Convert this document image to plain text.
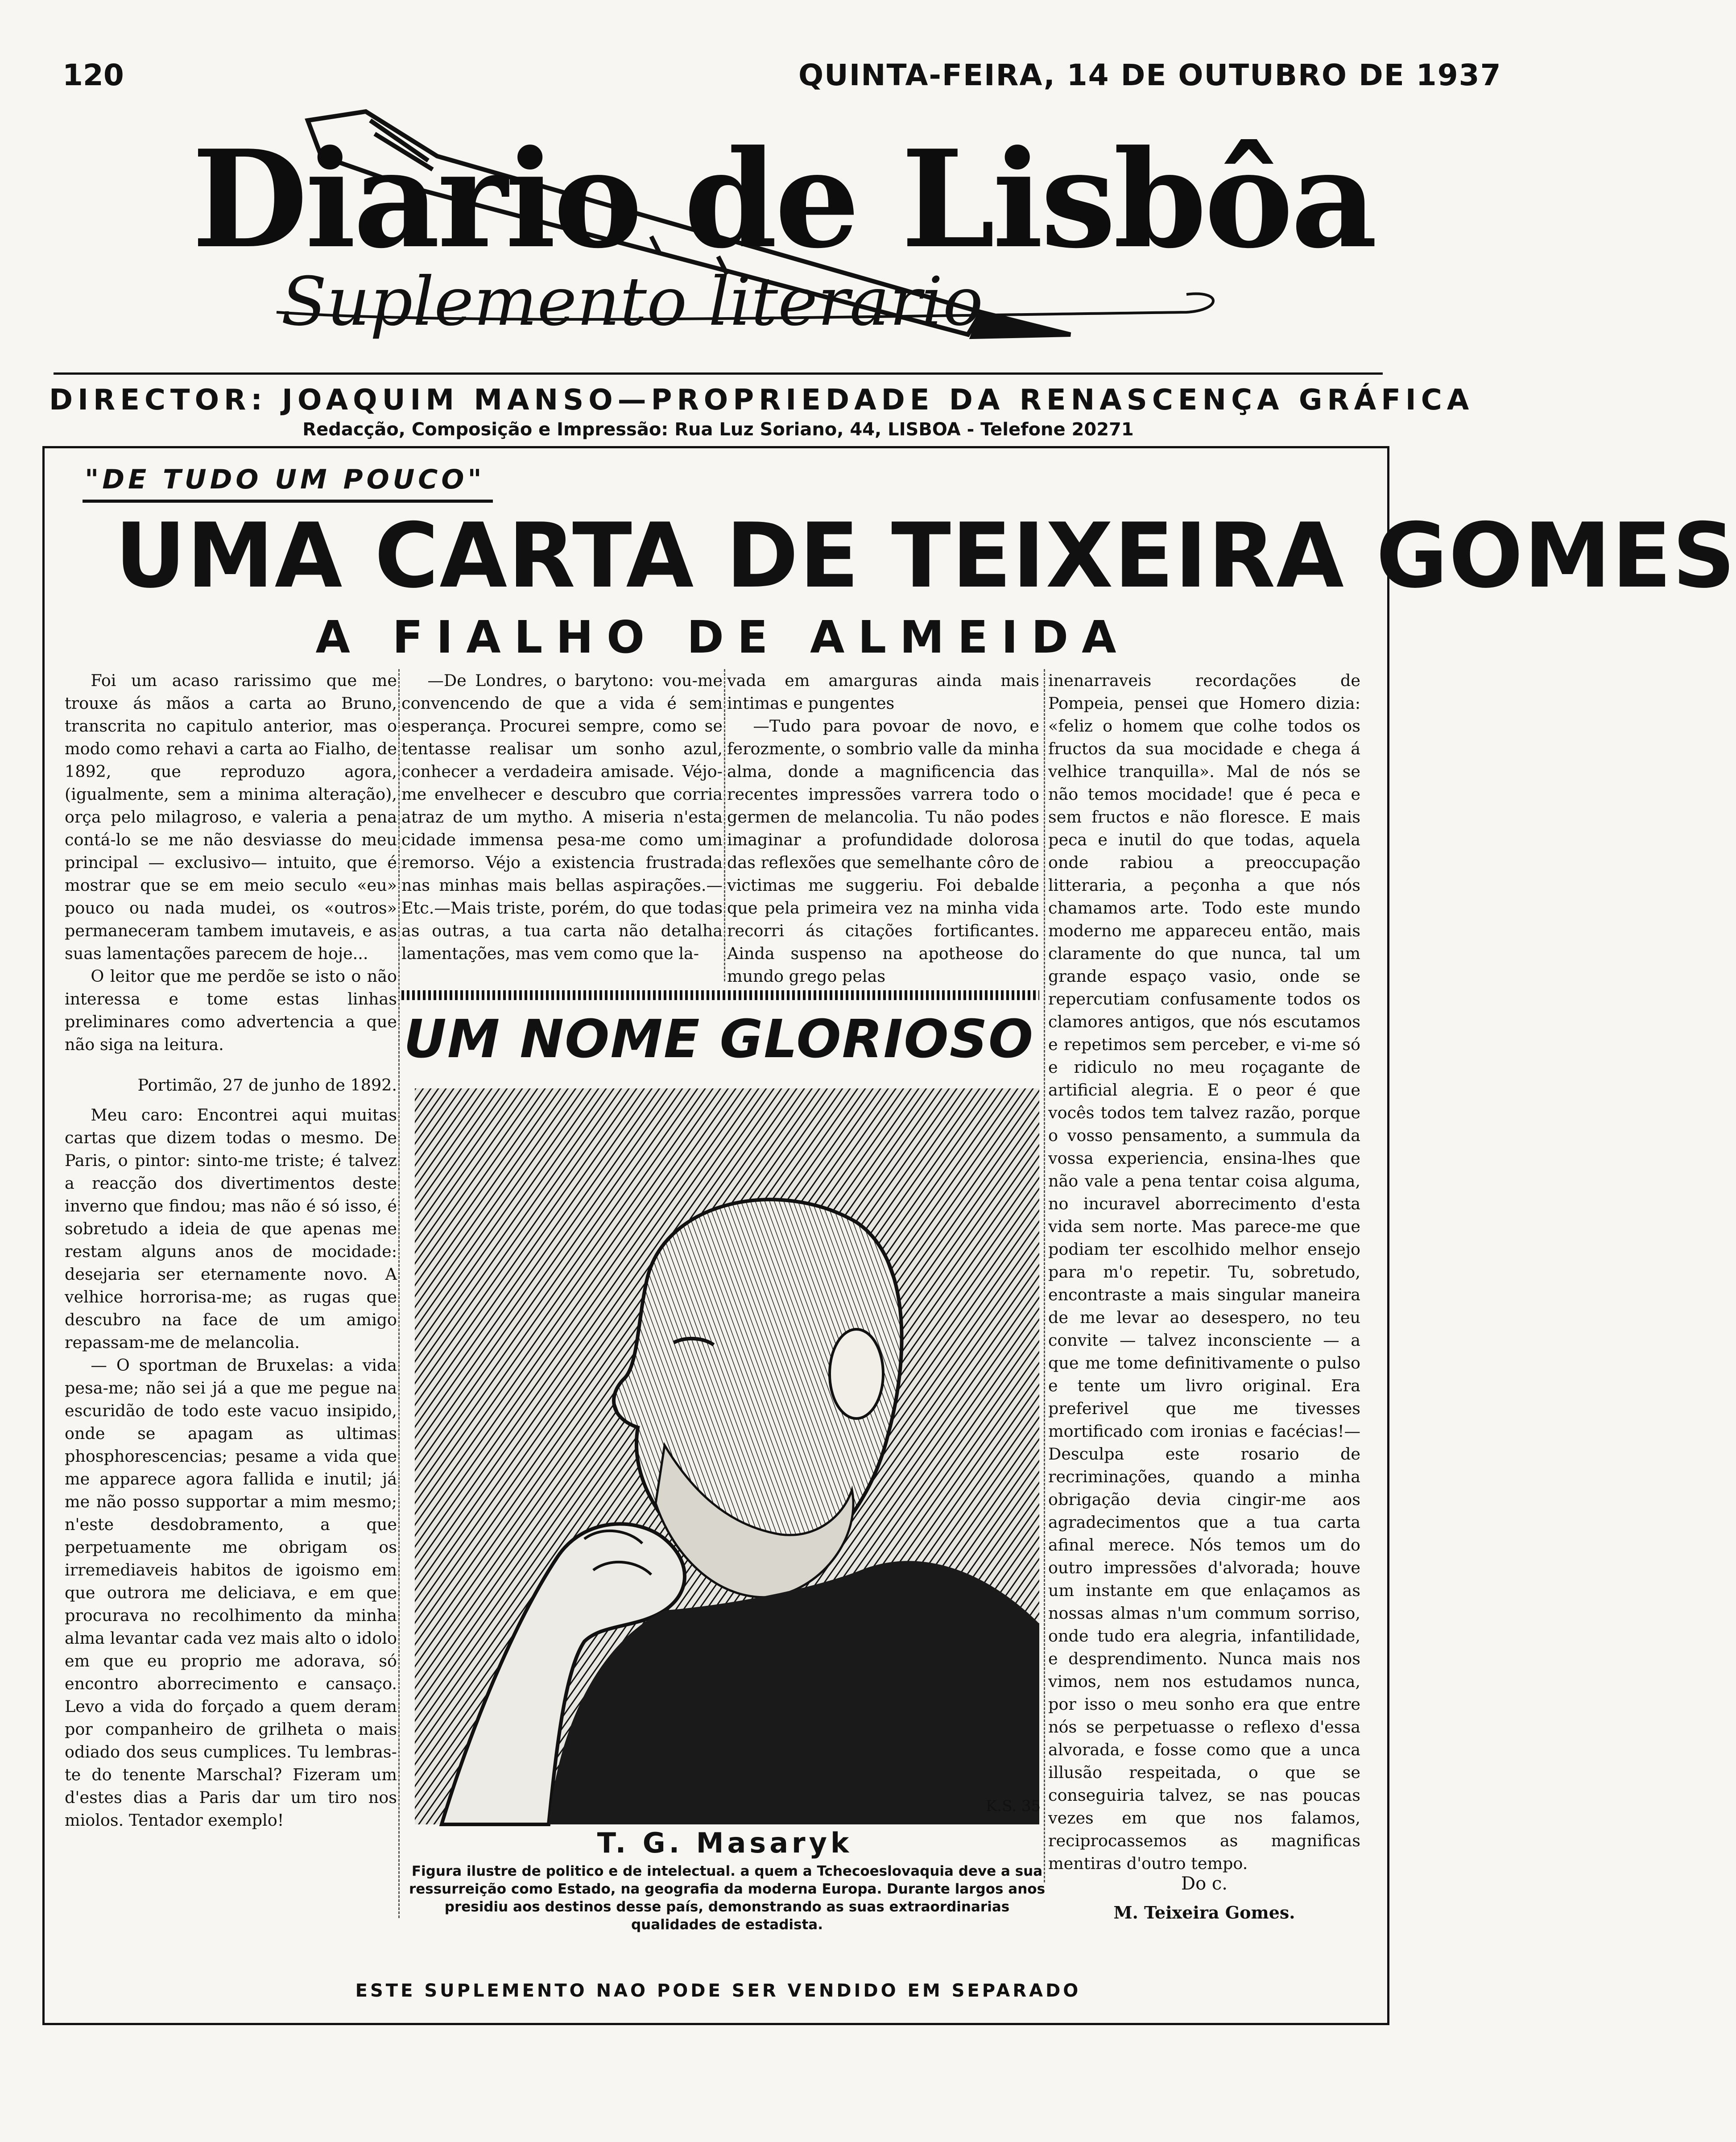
120	QUINTA-FEIRA, 14 DE OUTUBRO DE 1937
Diario de Lisbôa
Suplemento literario
DIRECTOR: JOAQUIM MANSO—PROPRIEDADE DA RENASCENÇA GRÁFICA
Redacção, Composição e Impressão: Rua Luz Soriano, 44, LISBOA - Telefone 20271
"DE TUDO UM POUCO"
UMA CARTA DE TEIXEIRA GOMES
A FIALHO DE ALMEIDA

Foi um acaso rarissimo que me trouxe ás mãos a carta ao Bruno, transcrita no capitulo anterior, mas o modo como rehavi a carta ao Fialho, de 1892, que reproduzo agora, (igualmente, sem a minima alteração), orça pelo milagroso, e valeria a pena contá-lo se me não desviasse do meu principal — exclusivo— intuito, que é mostrar que se em meio seculo «eu» pouco ou nada mudei, os «outros» permaneceram tambem imutaveis, e as suas lamentações parecem de hoje...

O leitor que me perdõe se isto o não interessa e tome estas linhas preliminares como advertencia a que não siga na leitura.

Portimão, 27 de junho de 1892.

Meu caro: Encontrei aqui muitas cartas que dizem todas o mesmo. De Paris, o pintor: sinto-me triste; é talvez a reacção dos divertimentos deste inverno que findou; mas não é só isso, é sobretudo a ideia de que apenas me restam alguns anos de mocidade: desejaria ser eternamente novo. A velhice horrorisa-me; as rugas que descubro na face de um amigo repassam-me de melancolia.

— O sportman de Bruxelas: a vida pesa-me; não sei já a que me pegue na escuridão de todo este vacuo insipido, onde se apagam as ultimas phosphorescencias; pesame a vida que me apparece agora fallida e inutil; já me não posso supportar a mim mesmo; n'este desdobramento, a que perpetuamente me obrigam os irremediaveis habitos de igoismo em que outrora me deliciava, e em que procurava no recolhimento da minha alma levantar cada vez mais alto o idolo em que eu proprio me adorava, só encontro aborrecimento e cansaço. Levo a vida do forçado a quem deram por companheiro de grilheta o mais odiado dos seus cumplices. Tu lembras-te do tenente Marschal? Fizeram um d'estes dias a Paris dar um tiro nos miolos. Tentador exemplo!

—De Londres, o barytono: vou-me convencendo de que a vida é sem esperança. Procurei sempre, como se tentasse realisar um sonho azul, conhecer a verdadeira amisade. Véjo-me envelhecer e descubro que corria atraz de um mytho. A miseria n'esta cidade immensa pesa-me como um remorso. Véjo a existencia frustrada nas minhas mais bellas aspirações.—Etc.—Mais triste, porém, do que todas as outras, a tua carta não detalha lamentações, mas vem como que la-

vada em amarguras ainda mais intimas e pungentes

—Tudo para povoar de novo, e ferozmente, o sombrio valle da minha alma, donde a magnificencia das recentes impressões varrera todo o germen de melancolia. Tu não podes imaginar a profundidade dolorosa das reflexões que semelhante côro de victimas me suggeriu. Foi debalde que pela primeira vez na minha vida recorri ás citações fortificantes. Ainda suspenso na apotheose do mundo grego pelas

inenarraveis recordações de Pompeia, pensei que Homero dizia: «feliz o homem que colhe todos os fructos da sua mocidade e chega á velhice tranquilla». Mal de nós se não temos mocidade! que é peca e sem fructos e não floresce. E mais peca e inutil do que todas, aquela onde rabiou a preoccupação litteraria, a peçonha a que nós chamamos arte. Todo este mundo moderno me appareceu então, mais claramente do que nunca, tal um grande espaço vasio, onde se repercutiam confusamente todos os clamores antigos, que nós escutamos e repetimos sem perceber, e vi-me só e ridiculo no meu roçagante de artificial alegria. E o peor é que vocês todos tem talvez razão, porque o vosso pensamento, a summula da vossa experiencia, ensina-lhes que não vale a pena tentar coisa alguma, no incuravel aborrecimento d'esta vida sem norte. Mas parece-me que podiam ter escolhido melhor ensejo para m'o repetir. Tu, sobretudo, encontraste a mais singular maneira de me levar ao desespero, no teu convite — talvez inconsciente — a que me tome definitivamente o pulso e tente um livro original. Era preferivel que me tivesses mortificado com ironias e facécias!—Desculpa este rosario de recriminações, quando a minha obrigação devia cingir-me aos agradecimentos que a tua carta afinal merece. Nós temos um do outro impressões d'alvorada; houve um instante em que enlaçamos as nossas almas n'um commum sorriso, onde tudo era alegria, infantilidade, e desprendimento. Nunca mais nos vimos, nem nos estudamos nunca, por isso o meu sonho era que entre nós se perpetuasse o reflexo d'essa alvorada, e fosse como que a unca illusão respeitada, o que se conseguiria talvez, se nas poucas vezes em que nos falamos, reciprocassemos as magnificas mentiras d'outro tempo.

UM NOME GLORIOSO
K.S. 35
T. G. Masaryk
Figura ilustre de politico e de intelectual. a quem a Tchecoeslovaquia deve a sua ressurreição como Estado, na geografia da moderna Europa. Durante largos anos presidiu aos destinos desse país, demonstrando as suas extraordinarias qualidades de estadista.
Do c.
M. Teixeira Gomes.
ESTE SUPLEMENTO NAO PODE SER VENDIDO EM SEPARADO
